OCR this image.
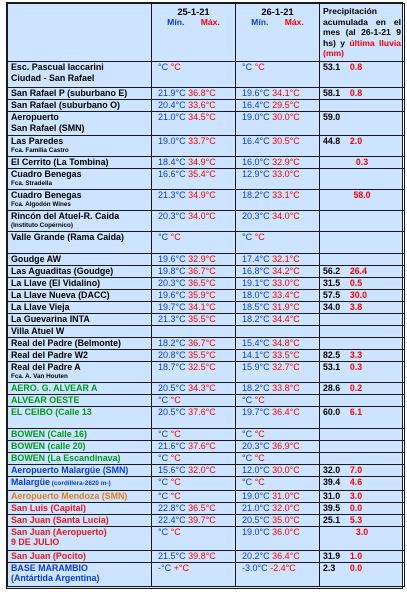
	25-1-21
Mín. Máx.	26-1-21
Mín. Máx.	Precipitación acumulada en el mes (al 26-1-21 9 hs) y última lluvia (mm)

Esc. Pascual Iaccarini
Ciudad - San Rafael	°C °C	°C °C	53.1 0.8
San Rafael P (suburbano E)	21.9°C 36.8°C	19.6°C 34.1°C	58.1 0.8
San Rafael (suburbano O)	20.4°C 33.6°C	16.4°C 29.5°C	
Aeropuerto
San Rafael (SMN)	21.0°C 34.5°C	19.0°C 30.0°C	59.0
Las Paredes
Fca. Familia Castro	19.0°C 33.7°C	16.4°C 30.5°C	44.8 2.0
El Cerrito (La Tombina)	18.4°C 34.9°C	16.0°C 32.9°C	0.3

Cuadro Benegas
Fca. Stradella	16.6°C 35.4°C	12.9°C 33.0°C	
Cuadro Benegas
Fca. Algodón Wines	21.3°C 34.9°C	18.2°C 33.1°C	58.0

Rincón del Atuel-R. Caida
(Instituto Copérnico)	20.3°C 34.0°C	20.3°C 34.0°C	
Valle Grande (Rama Caida)	°C °C	°C °C	
Goudge AW	19.6°C 32.9°C	17.4°C 32.1°C	
Las Aguaditas (Goudge)	19.8°C 36.7°C	16.8°C 34.2°C	56.2 26.4
La Llave (El Vidalino)	20.3°C 36.5°C	19.1°C 33.0°C	31.5 0.5
La Llave Nueva (DACC)	19.6°C 35.9°C	18.0°C 33.4°C	57.5 30.0
La Llave Vieja	19.7°C 34.1°C	18.5°C 31.9°C	34.0 3.8
La Guevarina INTA	21.3°C 35.5°C	18.2°C 34.4°C	
Villa Atuel W			
Real del Padre (Belmonte)	18.2°C 36.7°C	15.4°C 34.8°C	
Real del Padre W2	20.8°C 35.5°C	14.1°C 33.5°C	82.5 3.3
Real del Padre A
Fca. A. Van Houten	18.7°C 32.5°C	15.9°C 32.7°C	53.1 0.3
AERO. G. ALVEAR A	20.5°C 34.3°C	18.2°C 33.8°C	28.6 0.2
ALVEAR OESTE	°C °C	°C °C	
EL CEIBO (Calle 13	20.5°C 37.6°C	19.7°C 36.4°C	60.0 6.1
BOWEN (Calle 16)	°C °C	°C °C	
BOWEN (calle 20)	21.6°C 37.6°C	20.3°C 36.9°C	
BOWEN (La Escandinava)	°C °C	°C °C	
Aeropuerto Malargüe (SMN)	15.6°C 32.0°C	12.0°C 30.0°C	32.0 7.0
Malargüe (cordillera-2620 m-)	°C °C	°C °C	39.4 4.6
Aeropuerto Mendoza (SMN)	°C °C	19.0°C 31.0°C	31.0 3.0
San Luis (Capital)	22.8°C 36.5°C	21.0°C 32.0°C	39.5 0.0
San Juan (Santa Lucia)	22.4°C 39.7°C	20.5°C 35.0°C	25.1 5.3
San Juan (Aeropuerto)
9 DE JULIO	°C °C	19.0°C 36.0°C	3.0

San Juan (Pocito)	21.5°C 39.8°C	20.2°C 36.4°C	31.9 1.0
BASE MARAMBIO
(Antártida Argentina)	-°C +°C	-3.0°C -2.4°C	2.3 0.0
